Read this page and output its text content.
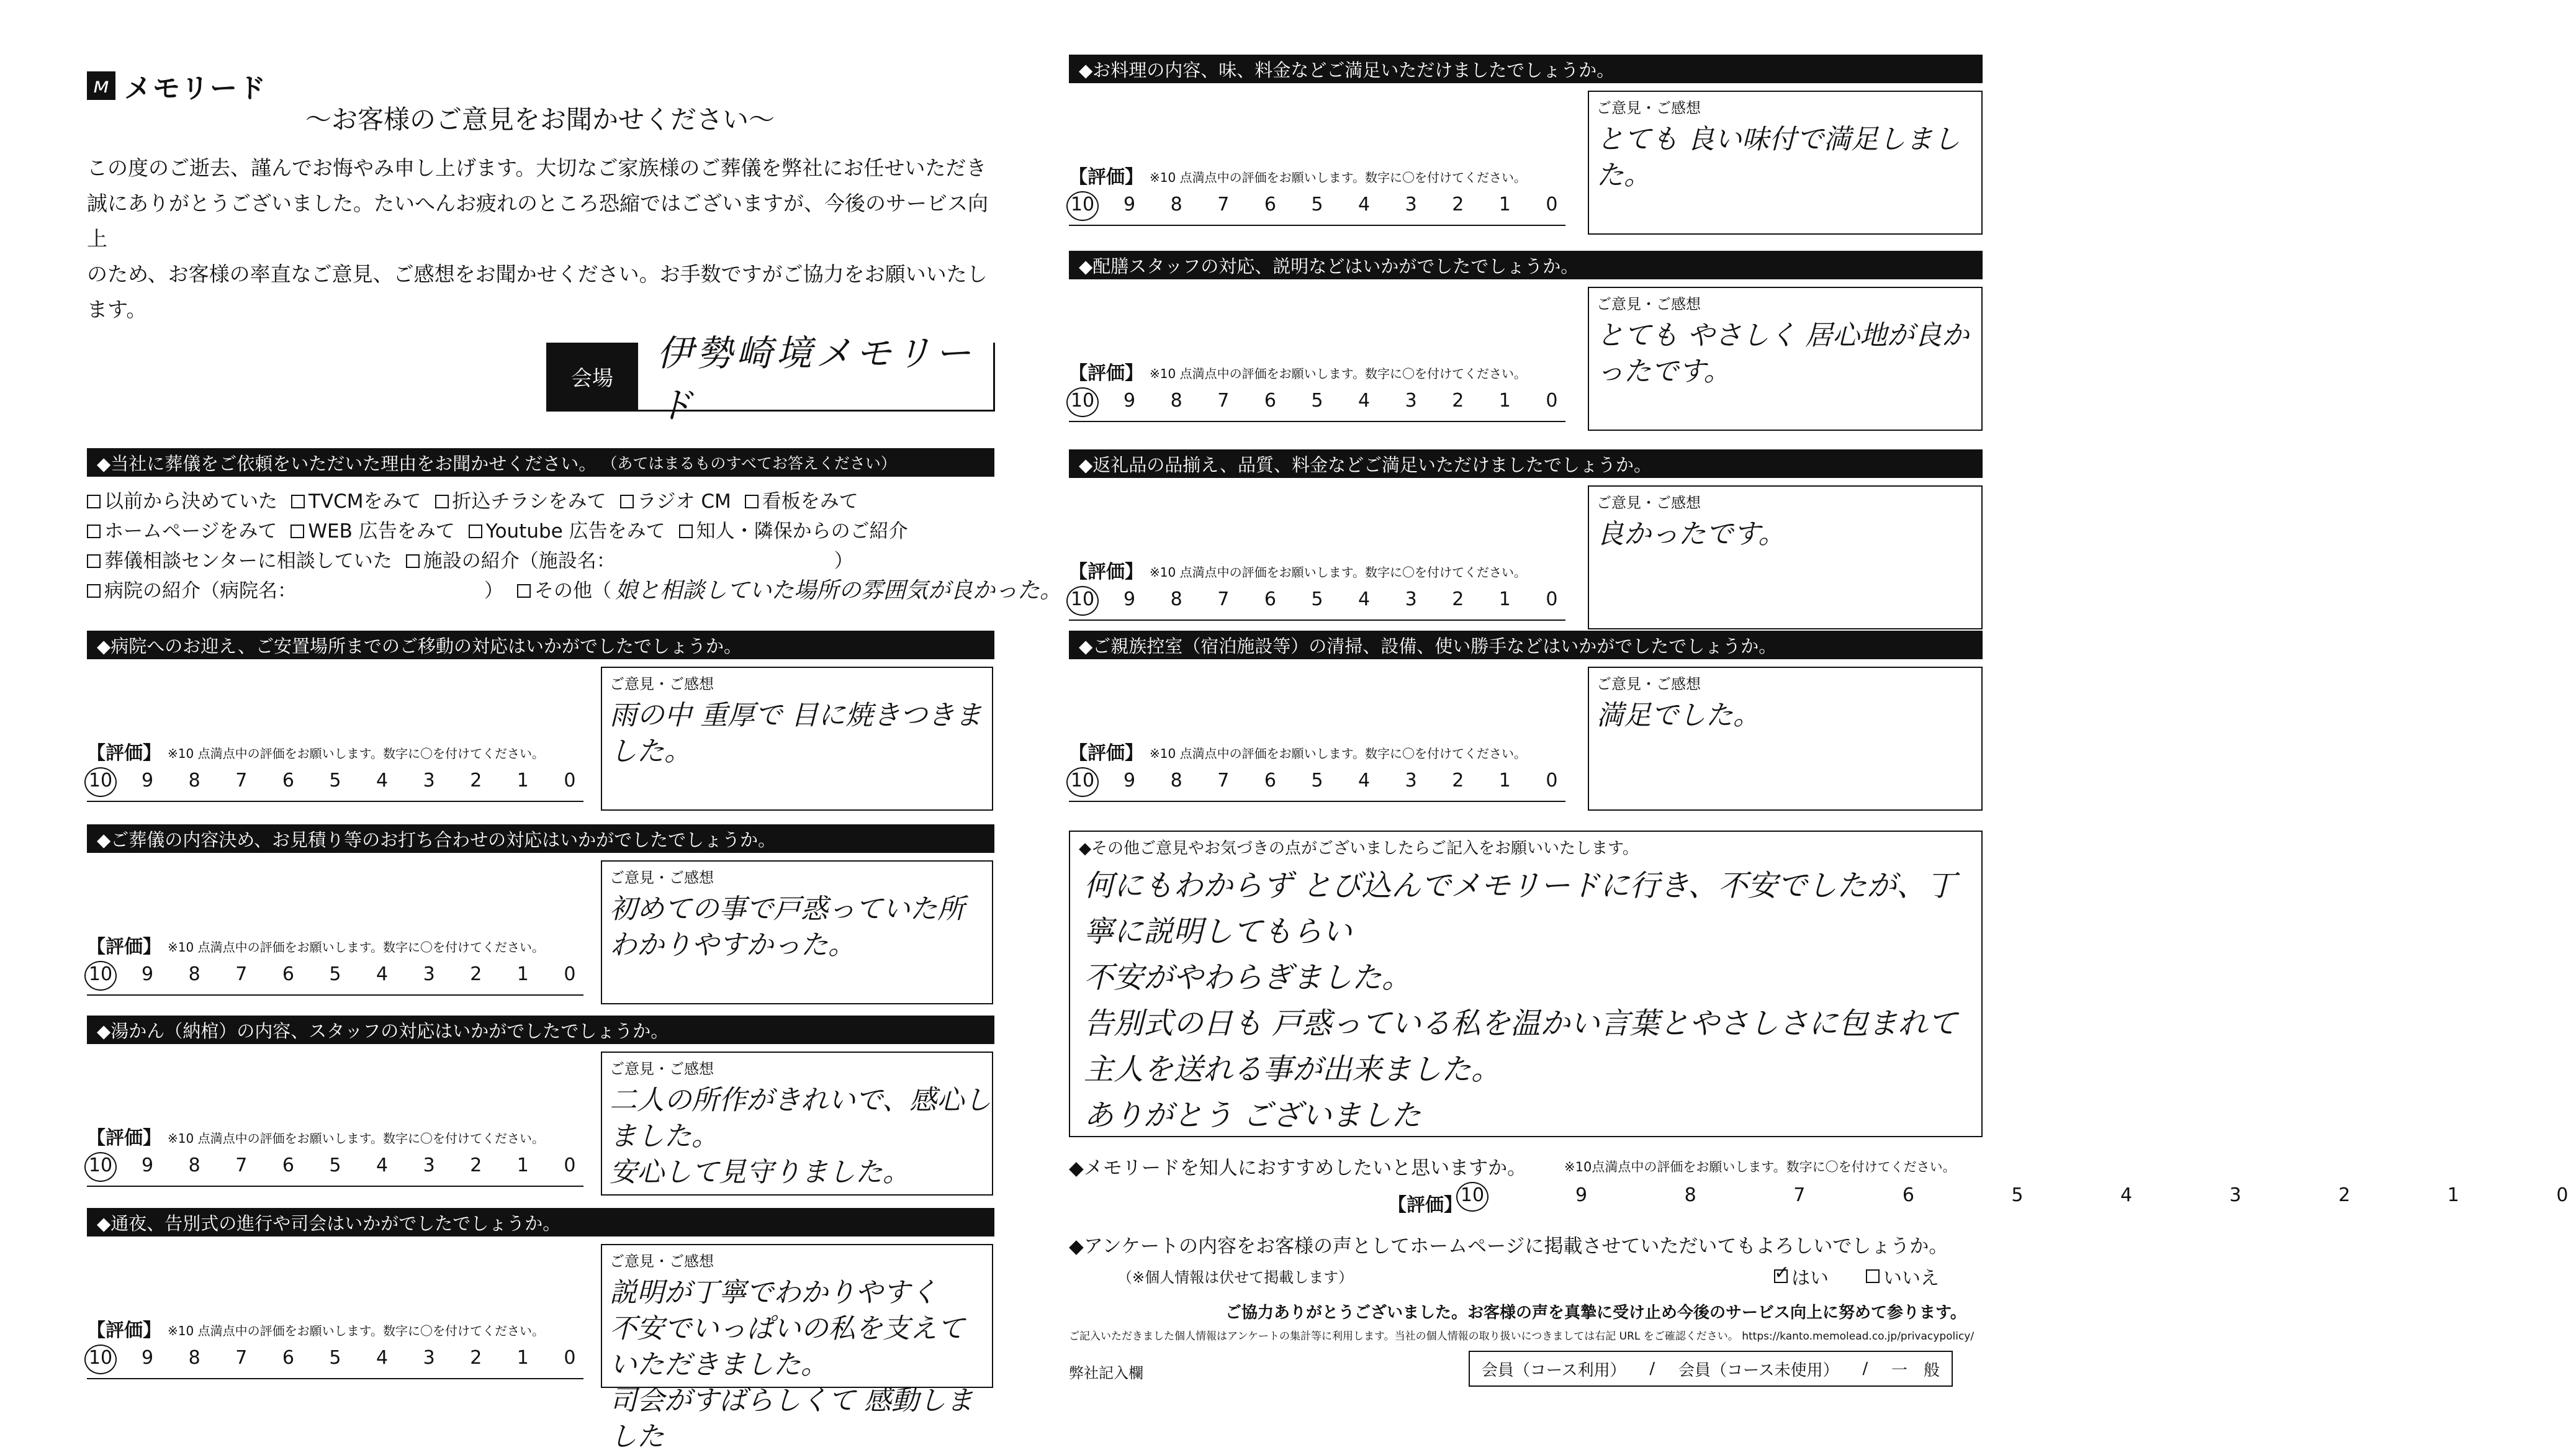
м メモリード
〜お客様のご意見をお聞かせください〜

この度のご逝去、謹んでお悔やみ申し上げます。大切なご家族様のご葬儀を弊社にお任せいただき

誠にありがとうございました。たいへんお疲れのところ恐縮ではございますが、今後のサービス向上

のため、お客様の率直なご意見、ご感想をお聞かせください。お手数ですがご協力をお願いいたします。

会場
伊勢崎境メモリード
◆当社に葬儀をご依頼をいただいた理由をお聞かせください。 （あてはまるものすべてお答えください）
以前から決めていた TVCMをみて 折込チラシをみて ラジオ CM 看板をみて
ホームページをみて WEB 広告をみて Youtube 広告をみて 知人・隣保からのご紹介
葬儀相談センターに相談していた 施設の紹介（施設名：	）
病院の紹介（病院名：	） その他（ 娘と相談していた場所の雰囲気が良かった。
◆病院へのお迎え、ご安置場所までのご移動の対応はいかがでしたでしょうか。
【評価】 ※10 点満点中の評価をお願いします。数字に〇を付けてください。
10	9	8	7	6	5	4	3	2	1	0
ご意見・ご感想
雨の中 重厚で 目に焼きつきました。
◆ご葬儀の内容決め、お見積り等のお打ち合わせの対応はいかがでしたでしょうか。
【評価】 ※10 点満点中の評価をお願いします。数字に〇を付けてください。
10	9	8	7	6	5	4	3	2	1	0
ご意見・ご感想
初めての事で戸惑っていた所 わかりやすかった。
◆湯かん（納棺）の内容、スタッフの対応はいかがでしたでしょうか。
【評価】 ※10 点満点中の評価をお願いします。数字に〇を付けてください。
10	9	8	7	6	5	4	3	2	1	0
ご意見・ご感想
二人の所作がきれいで、感心しました。
安心して見守りました。
◆通夜、告別式の進行や司会はいかがでしたでしょうか。
【評価】 ※10 点満点中の評価をお願いします。数字に〇を付けてください。
10	9	8	7	6	5	4	3	2	1	0
ご意見・ご感想
説明が丁寧でわかりやすく
不安でいっぱいの私を支えて
いただきました。
司会がすばらしくて 感動しました
◆お料理の内容、味、料金などご満足いただけましたでしょうか。
【評価】 ※10 点満点中の評価をお願いします。数字に〇を付けてください。
10	9	8	7	6	5	4	3	2	1	0
ご意見・ご感想
とても 良い味付で満足しました。
◆配膳スタッフの対応、説明などはいかがでしたでしょうか。
【評価】 ※10 点満点中の評価をお願いします。数字に〇を付けてください。
10	9	8	7	6	5	4	3	2	1	0
ご意見・ご感想
とても やさしく 居心地が良かったです。
◆返礼品の品揃え、品質、料金などご満足いただけましたでしょうか。
【評価】 ※10 点満点中の評価をお願いします。数字に〇を付けてください。
10	9	8	7	6	5	4	3	2	1	0
ご意見・ご感想
良かったです。
◆ご親族控室（宿泊施設等）の清掃、設備、使い勝手などはいかがでしたでしょうか。
【評価】 ※10 点満点中の評価をお願いします。数字に〇を付けてください。
10	9	8	7	6	5	4	3	2	1	0
ご意見・ご感想
満足でした。
◆その他ご意見やお気づきの点がございましたらご記入をお願いいたします。
何にもわからず とび込んでメモリードに行き、不安でしたが、丁寧に説明してもらい
不安がやわらぎました。
告別式の日も 戸惑っている私を温かい言葉とやさしさに包まれて
主人を送れる事が出来ました。
ありがとう ございました
◆メモリードを知人におすすめしたいと思いますか。	※10点満点中の評価をお願いします。数字に〇を付けてください。
【評価】
10	9	8	7	6	5	4	3	2	1	0
◆アンケートの内容をお客様の声としてホームページに掲載させていただいてもよろしいでしょうか。
（※個人情報は伏せて掲載します）	✓ はい	いいえ
ご協力ありがとうございました。お客様の声を真摯に受け止め今後のサービス向上に努めて参ります。
ご記入いただきました個人情報はアンケートの集計等に利用します。当社の個人情報の取り扱いにつきましては右記 URL をご確認ください。 https://kanto.memolead.co.jp/privacypolicy/
弊社記入欄	会員（コース利用） / 会員（コース未使用） / 一　般
